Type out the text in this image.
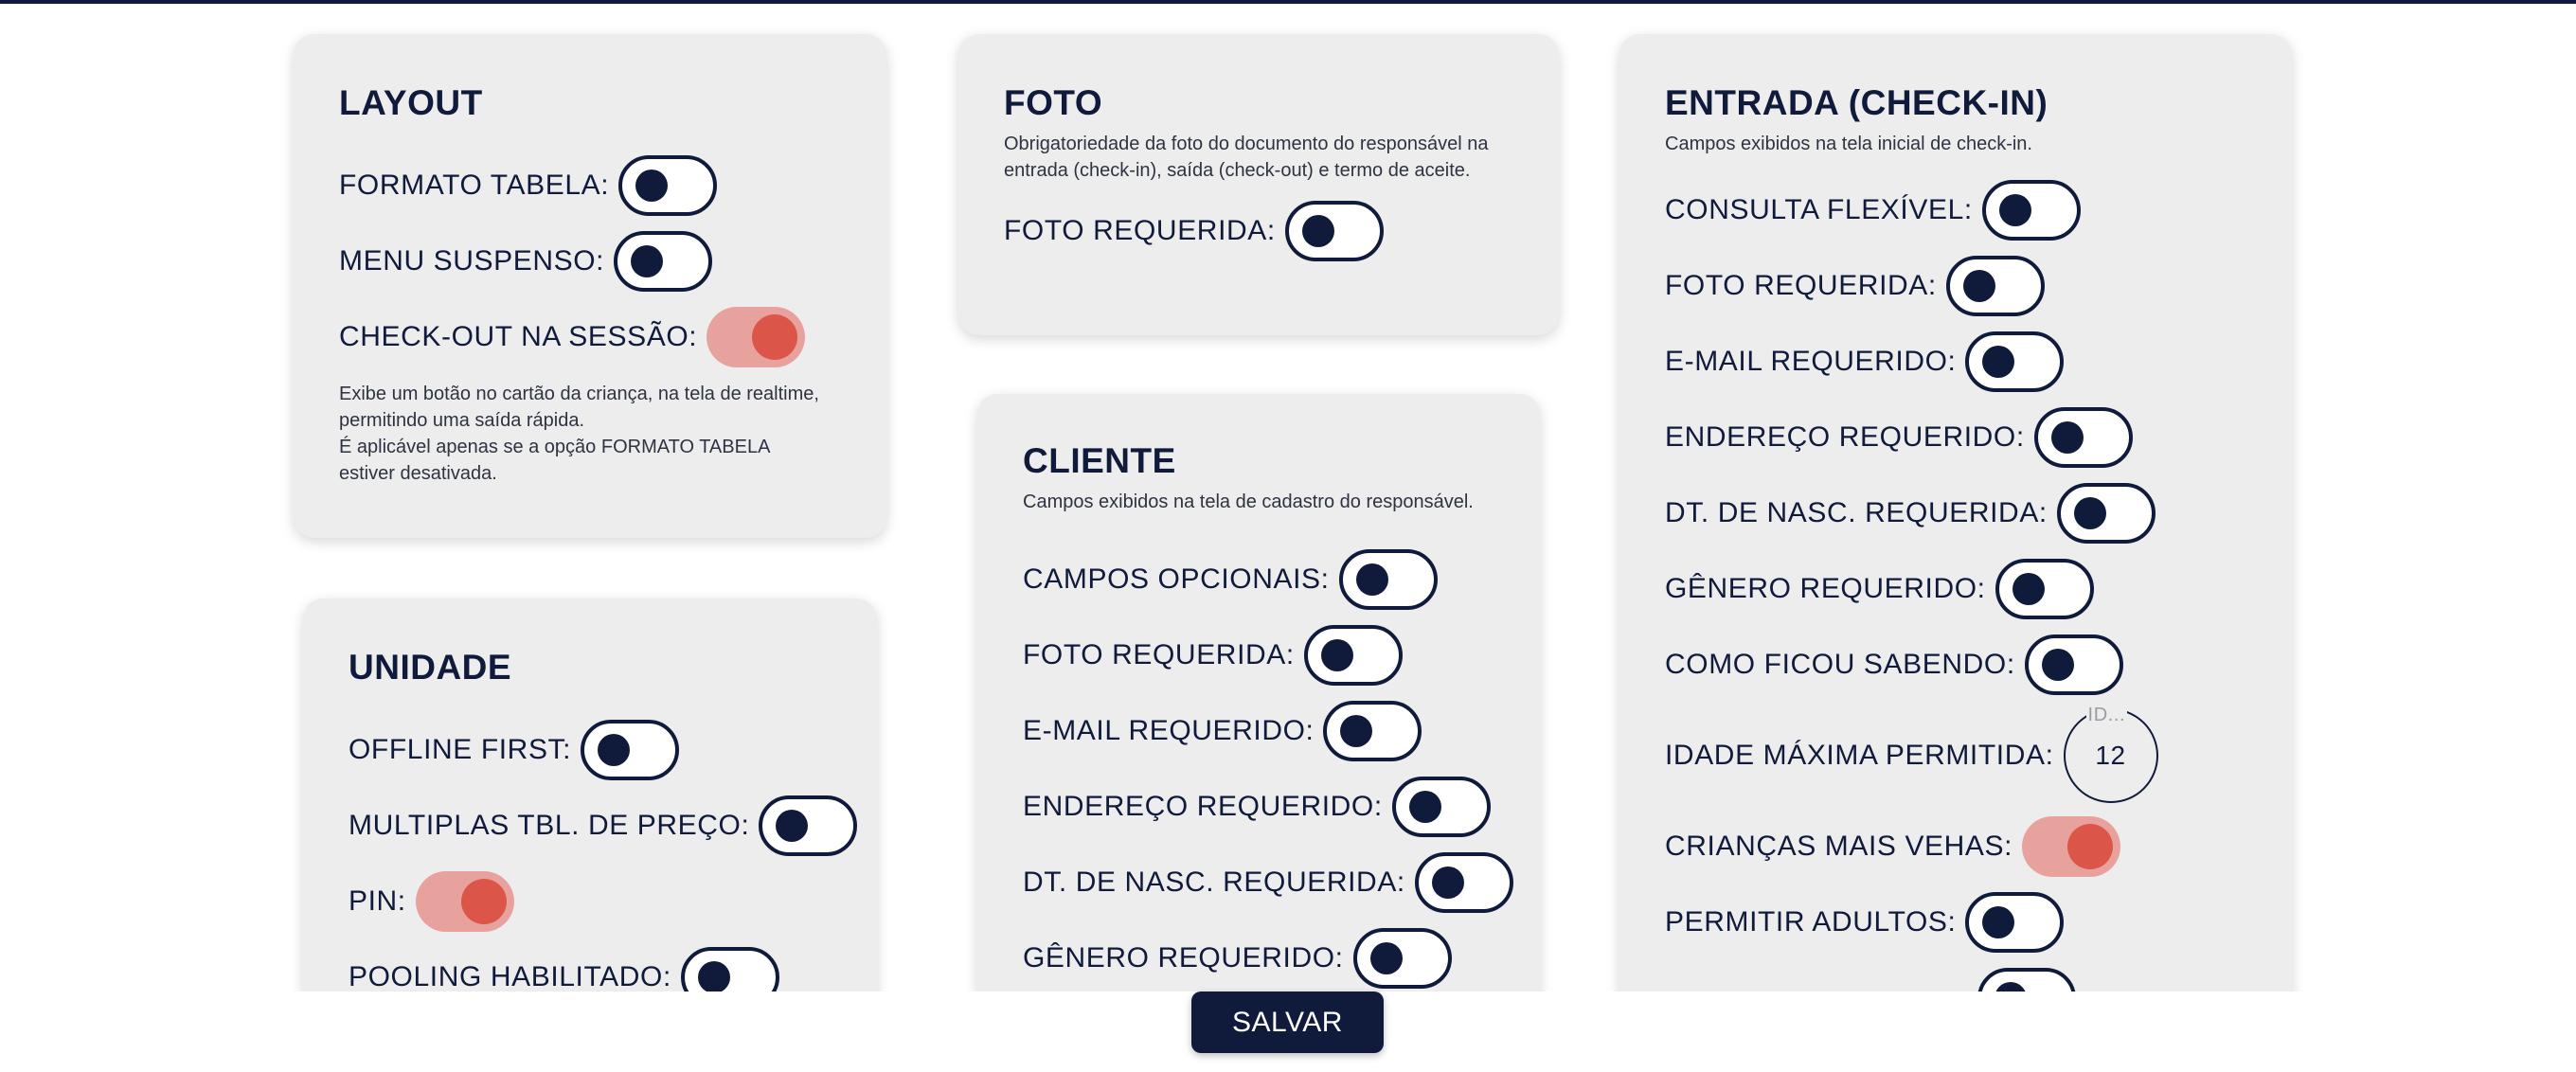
LAYOUT
FORMATO TABELA:
MENU SUSPENSO:
CHECK-OUT NA SESSÃO:

Exibe um botão no cartão da criança, na tela de realtime,
permitindo uma saída rápida.
É aplicável apenas se a opção FORMATO TABELA
estiver desativada.

FOTO

Obrigatoriedade da foto do documento do responsável na
entrada (check-in), saída (check-out) e termo de aceite.

FOTO REQUERIDA:
UNIDADE
OFFLINE FIRST:
MULTIPLAS TBL. DE PREÇO:
PIN:
POOLING HABILITADO:
CLIENTE

Campos exibidos na tela de cadastro do responsável.

CAMPOS OPCIONAIS:
FOTO REQUERIDA:
E-MAIL REQUERIDO:
ENDEREÇO REQUERIDO:
DT. DE NASC. REQUERIDA:
GÊNERO REQUERIDO:
ENTRADA (CHECK-IN)

Campos exibidos na tela inicial de check-in.

CONSULTA FLEXÍVEL:
FOTO REQUERIDA:
E-MAIL REQUERIDO:
ENDEREÇO REQUERIDO:
DT. DE NASC. REQUERIDA:
GÊNERO REQUERIDO:
COMO FICOU SABENDO:
IDADE MÁXIMA PERMITIDA:
ID...
12
CRIANÇAS MAIS VEHAS:
PERMITIR ADULTOS:
SALVAR
